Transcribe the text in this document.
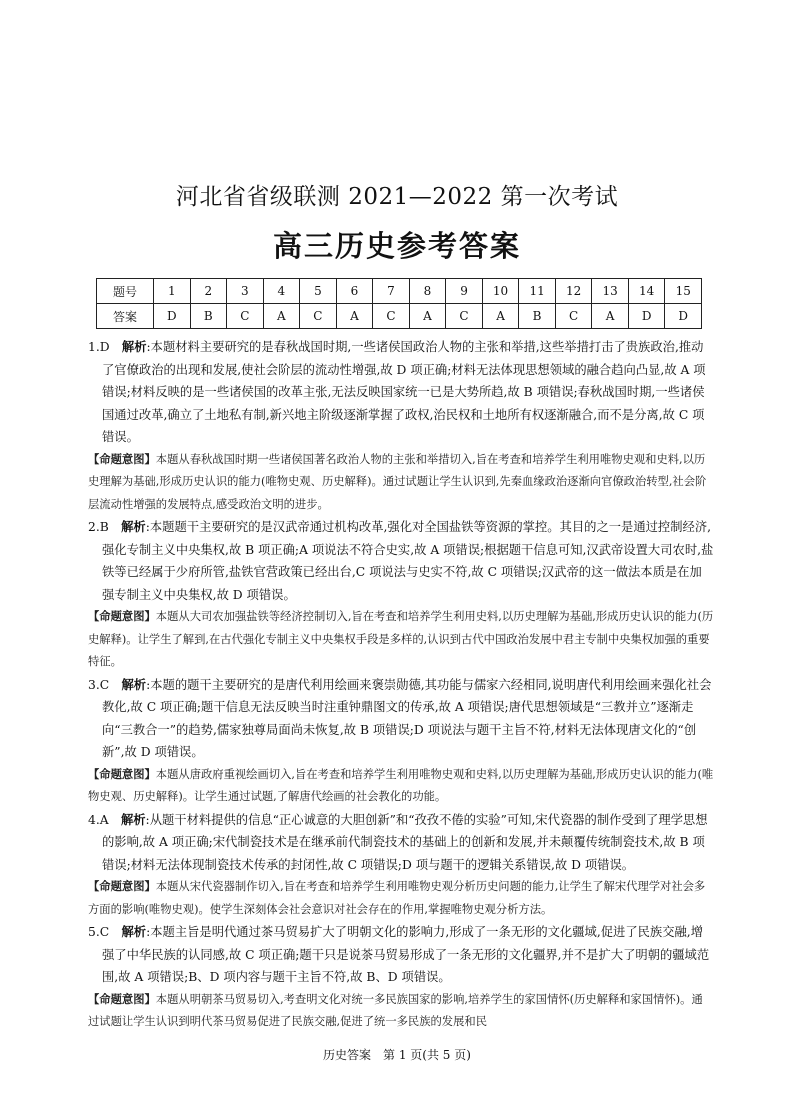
河北省省级联测 2021—2022 第一次考试
高三历史参考答案
题号	1	2	3	4	5	6	7	8	9	10	11	12	13	14	15
答案	D	B	C	A	C	A	C	A	C	A	B	C	A	D	D

1.D　 解析:本题材料主要研究的是春秋战国时期,一些诸侯国政治人物的主张和举措,这些举措打击了贵族政治,推动了官僚政治的出现和发展,使社会阶层的流动性增强,故 D 项正确;材料无法体现思想领域的融合趋向凸显,故 A 项错误;材料反映的是一些诸侯国的改革主张,无法反映国家统一已是大势所趋,故 B 项错误;春秋战国时期,一些诸侯国通过改革,确立了土地私有制,新兴地主阶级逐渐掌握了政权,治民权和土地所有权逐渐融合,而不是分离,故 C 项错误。

【命题意图】本题从春秋战国时期一些诸侯国著名政治人物的主张和举措切入,旨在考查和培养学生利用唯物史观和史料,以历史理解为基础,形成历史认识的能力(唯物史观、历史解释)。通过试题让学生认识到,先秦血缘政治逐渐向官僚政治转型,社会阶层流动性增强的发展特点,感受政治文明的进步。

2.B　 解析:本题题干主要研究的是汉武帝通过机构改革,强化对全国盐铁等资源的掌控。其目的之一是通过控制经济,强化专制主义中央集权,故 B 项正确;A 项说法不符合史实,故 A 项错误;根据题干信息可知,汉武帝设置大司农时,盐铁等已经属于少府所管,盐铁官营政策已经出台,C 项说法与史实不符,故 C 项错误;汉武帝的这一做法本质是在加强专制主义中央集权,故 D 项错误。

【命题意图】本题从大司农加强盐铁等经济控制切入,旨在考查和培养学生利用史料,以历史理解为基础,形成历史认识的能力(历史解释)。让学生了解到,在古代强化专制主义中央集权手段是多样的,认识到古代中国政治发展中君主专制中央集权加强的重要特征。

3.C　 解析:本题的题干主要研究的是唐代利用绘画来褒崇勋德,其功能与儒家六经相同,说明唐代利用绘画来强化社会教化,故 C 项正确;题干信息无法反映当时注重钟鼎图文的传承,故 A 项错误;唐代思想领域是“三教并立”逐渐走向“三教合一”的趋势,儒家独尊局面尚未恢复,故 B 项错误;D 项说法与题干主旨不符,材料无法体现唐文化的“创新”,故 D 项错误。

【命题意图】本题从唐政府重视绘画切入,旨在考查和培养学生利用唯物史观和史料,以历史理解为基础,形成历史认识的能力(唯物史观、历史解释)。让学生通过试题,了解唐代绘画的社会教化的功能。

4.A　 解析:从题干材料提供的信息“正心诚意的大胆创新”和“孜孜不倦的实验”可知,宋代瓷器的制作受到了理学思想的影响,故 A 项正确;宋代制瓷技术是在继承前代制瓷技术的基础上的创新和发展,并未颠覆传统制瓷技术,故 B 项错误;材料无法体现制瓷技术传承的封闭性,故 C 项错误;D 项与题干的逻辑关系错误,故 D 项错误。

【命题意图】本题从宋代瓷器制作切入,旨在考查和培养学生利用唯物史观分析历史问题的能力,让学生了解宋代理学对社会多方面的影响(唯物史观)。使学生深刻体会社会意识对社会存在的作用,掌握唯物史观分析方法。

5.C　 解析:本题主旨是明代通过茶马贸易扩大了明朝文化的影响力,形成了一条无形的文化疆域,促进了民族交融,增强了中华民族的认同感,故 C 项正确;题干只是说茶马贸易形成了一条无形的文化疆界,并不是扩大了明朝的疆域范围,故 A 项错误;B、D 项内容与题干主旨不符,故 B、D 项错误。

【命题意图】本题从明朝茶马贸易切入,考查明文化对统一多民族国家的影响,培养学生的家国情怀(历史解释和家国情怀)。通过试题让学生认识到明代茶马贸易促进了民族交融,促进了统一多民族的发展和民

历史答案　第 1 页(共 5 页)
